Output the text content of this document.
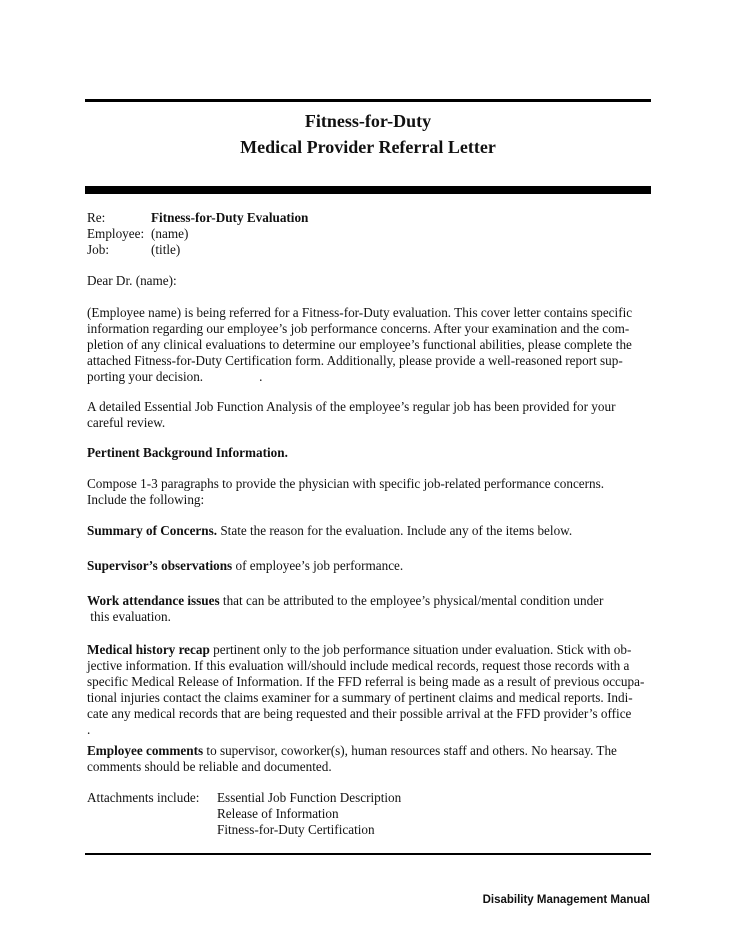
Fitness-for-Duty
Medical Provider Referral Letter
Re:	Fitness-for-Duty Evaluation
Employee: (name)
Job:	(title)
Dear Dr. (name):
(Employee name) is being referred for a Fitness-for-Duty evaluation. This cover letter contains specific
information regarding our employee’s job performance concerns. After your examination and the com-
pletion of any clinical evaluations to determine our employee’s functional abilities, please complete the
attached Fitness-for-Duty Certification form. Additionally, please provide a well-reasoned report sup-
porting your decision.                 .
A detailed Essential Job Function Analysis of the employee’s regular job has been provided for your
careful review.
Pertinent Background Information.
Compose 1-3 paragraphs to provide the physician with specific job-related performance concerns.
Include the following:
Summary of Concerns. State the reason for the evaluation. Include any of the items below.
Supervisor’s observations of employee’s job performance.
Work attendance issues that can be attributed to the employee’s physical/mental condition under
this evaluation.
Medical history recap pertinent only to the job performance situation under evaluation. Stick with ob-
jective information. If this evaluation will/should include medical records, request those records with a
specific Medical Release of Information. If the FFD referral is being made as a result of previous occupa-
tional injuries contact the claims examiner for a summary of pertinent claims and medical reports. Indi-
cate any medical records that are being requested and their possible arrival at the FFD provider’s office
.
Employee comments to supervisor, coworker(s), human resources staff and others. No hearsay. The
comments should be reliable and documented.
Attachments include: Essential Job Function Description
Release of Information
Fitness-for-Duty Certification
Disability Management Manual
